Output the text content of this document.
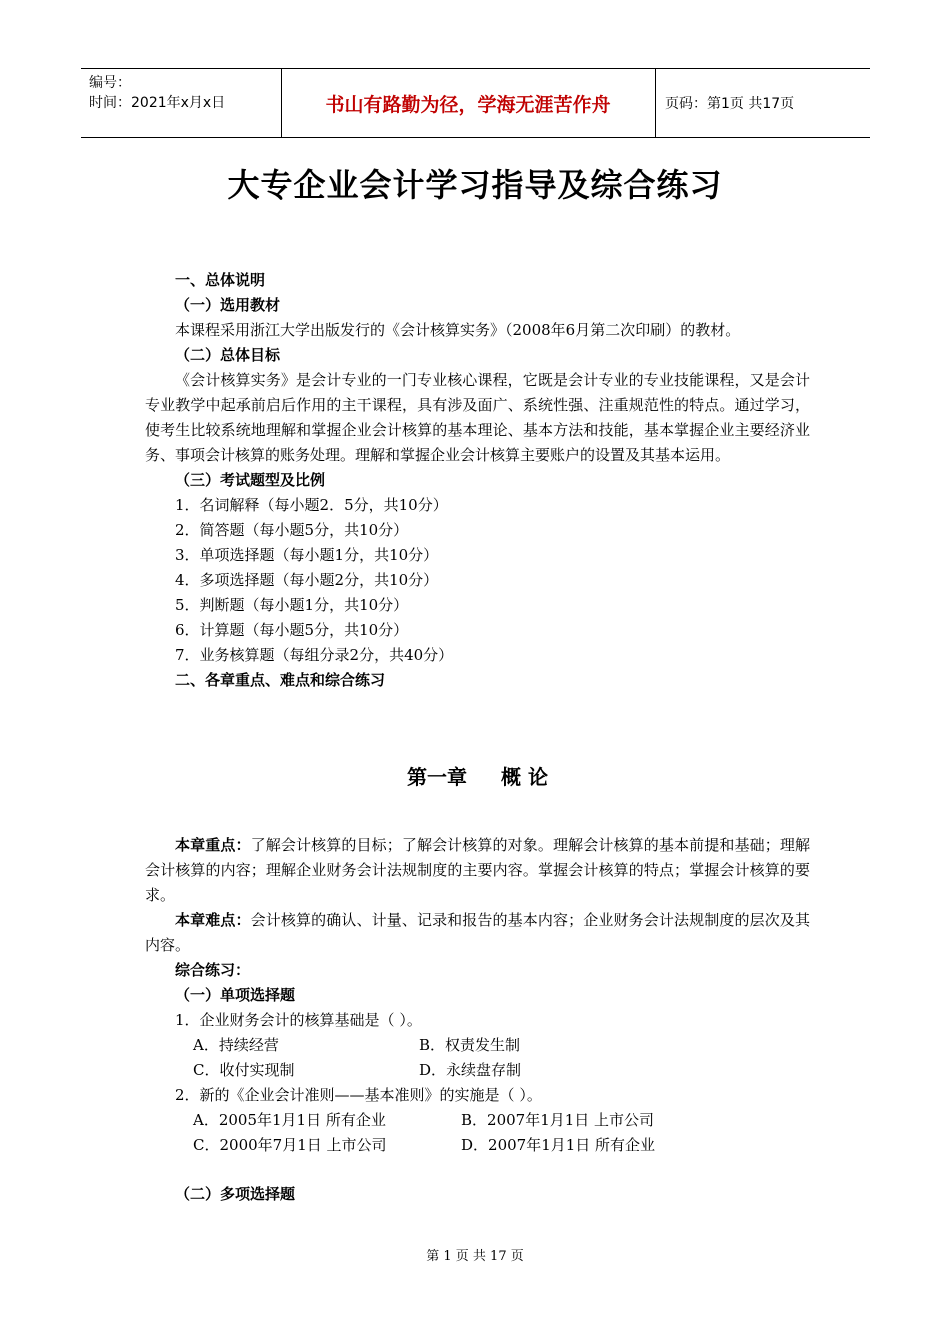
编号：
时间：2021年x月x日	书山有路勤为径，学海无涯苦作舟	页码：第1页 共17页
大专企业会计学习指导及综合练习
一、总体说明
（一）选用教材
本课程采用浙江大学出版发行的《会计核算实务》（2008年6月第二次印刷）的教材。
（二）总体目标
《会计核算实务》是会计专业的一门专业核心课程，它既是会计专业的专业技能课程，又是会计专业教学中起承前启后作用的主干课程，具有涉及面广、系统性强、注重规范性的特点。通过学习，使考生比较系统地理解和掌握企业会计核算的基本理论、基本方法和技能，基本掌握企业主要经济业务、事项会计核算的账务处理。理解和掌握企业会计核算主要账户的设置及其基本运用。
（三）考试题型及比例
1．名词解释（每小题2．5分，共10分）
2．简答题（每小题5分，共10分）
3．单项选择题（每小题1分，共10分）
4．多项选择题（每小题2分，共10分）
5．判断题（每小题1分，共10分）
6．计算题（每小题5分，共10分）
7．业务核算题（每组分录2分，共40分）
二、各章重点、难点和综合练习
第一章 概 论
本章重点：了解会计核算的目标；了解会计核算的对象。理解会计核算的基本前提和基础；理解会计核算的内容；理解企业财务会计法规制度的主要内容。掌握会计核算的特点；掌握会计核算的要求。
本章难点：会计核算的确认、计量、记录和报告的基本内容；企业财务会计法规制度的层次及其内容。
综合练习：
（一）单项选择题
1．企业财务会计的核算基础是（ ）。
A．持续经营	B．权责发生制
C．收付实现制	D．永续盘存制
2．新的《企业会计准则——基本准则》的实施是（ ）。
A．2005年1月1日 所有企业	B．2007年1月1日 上市公司
C．2000年7月1日 上市公司	D．2007年1月1日 所有企业
（二）多项选择题
第 1 页 共 17 页
